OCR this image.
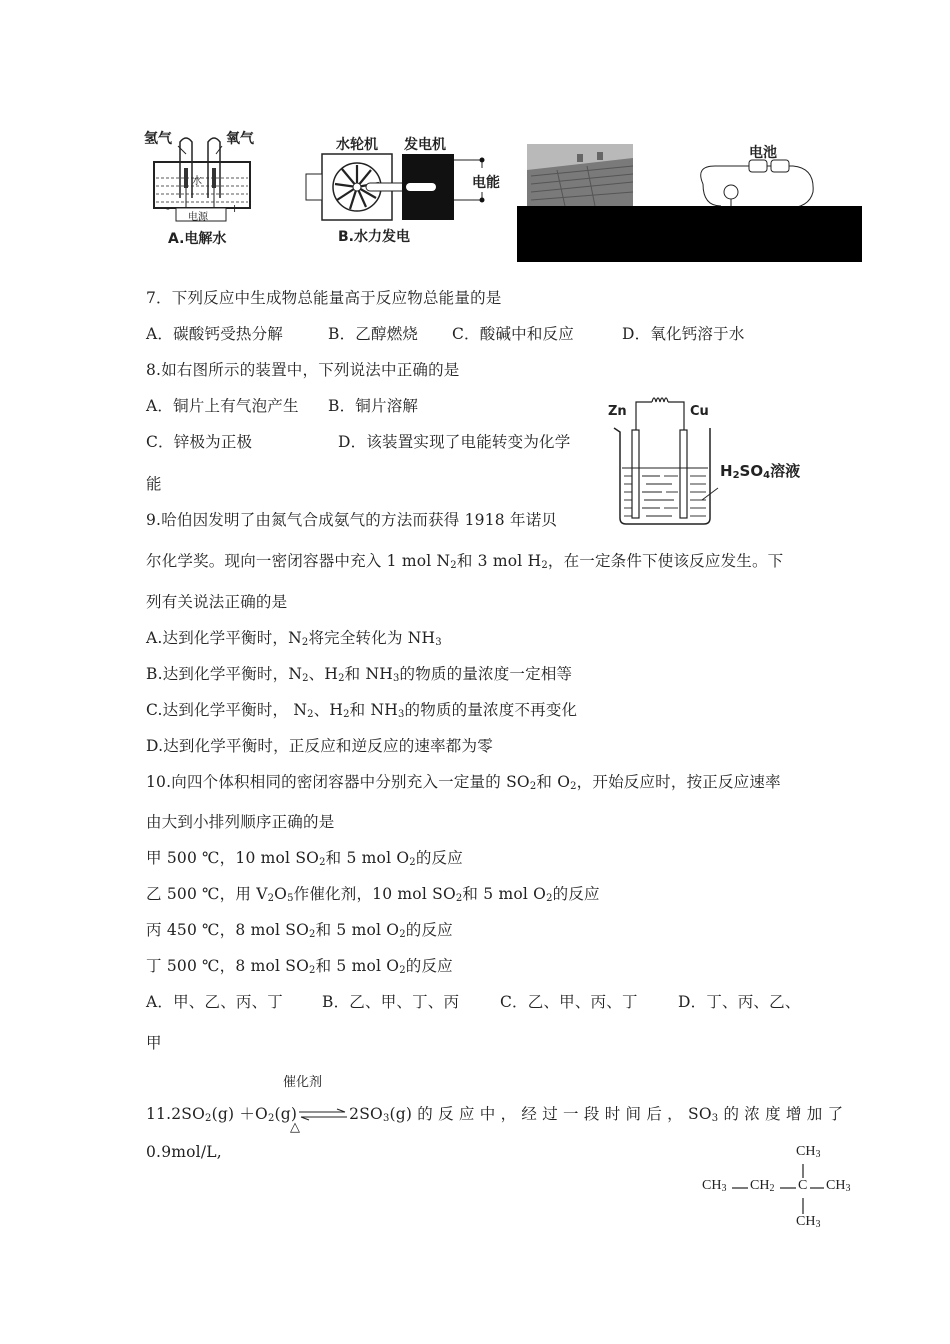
氢气	氧气
水
电源
-	+
A.电解水
水轮机 发电机
电能
B.水力发电
电池
7．下列反应中生成物总能量高于反应物总能量的是
A．碳酸钙受热分解	B．乙醇燃烧 C．酸碱中和反应	D．氧化钙溶于水
8.如右图所示的装置中，下列说法中正确的是
A．铜片上有气泡产生 B．铜片溶解
C．锌极为正极	D．该装置实现了电能转变为化学
能
Zn	Cu
$H_2SO_4$溶液
9.哈伯因发明了由氮气合成氨气的方法而获得 1918 年诺贝
尔化学奖。现向一密闭容器中充入 1 mol $N_2$和 3 mol $H_2$，在一定条件下使该反应发生。下
列有关说法正确的是
A.达到化学平衡时，$N_2$将完全转化为 $NH_3$
B.达到化学平衡时，$N_2$、$H_2$和 $NH_3$的物质的量浓度一定相等
C.达到化学平衡时， $N_2$、$H_2$和 $NH_3$的物质的量浓度不再变化
D.达到化学平衡时，正反应和逆反应的速率都为零
10.向四个体积相同的密闭容器中分别充入一定量的 $SO_2$和 $O_2$，开始反应时，按正反应速率
由大到小排列顺序正确的是
甲 500 ℃，10 mol $SO_2$和 5 mol $O_2$的反应
乙 500 ℃，用 $V_2O_5$作催化剂，10 mol $SO_2$和 5 mol $O_2$的反应
丙 450 ℃，8 mol $SO_2$和 5 mol $O_2$的反应
丁 500 ℃，8 mol $SO_2$和 5 mol $O_2$的反应
A．甲、乙、丙、丁	B．乙、甲、丁、丙	C．乙、甲、丙、丁	D．丁、丙、乙、
甲
催化剂
$11.2SO_2(g)$ $+O_2(g)\rightleftharpoons 2SO_3(g)$ 的 反 应 中 ， 经 过 一 段 时 间 后 ， $SO_3$ 的 浓 度 增 加 了
△
0.9mol/L,	$CH_3$
$CH_3$ $CH_2$ C $CH_3$
$CH_3$
